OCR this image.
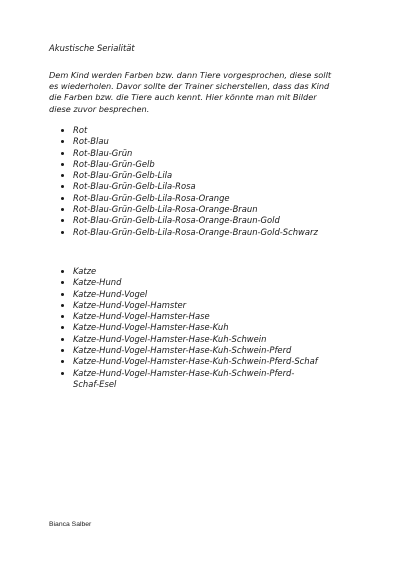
Akustische Serialität

Dem Kind werden Farben bzw. dann Tiere vorgesprochen, diese sollt
es wiederholen. Davor sollte der Trainer sicherstellen, dass das Kind
die Farben bzw. die Tiere auch kennt. Hier könnte man mit Bilder
diese zuvor besprechen.

Rot
Rot-Blau
Rot-Blau-Grün
Rot-Blau-Grün-Gelb
Rot-Blau-Grün-Gelb-Lila
Rot-Blau-Grün-Gelb-Lila-Rosa
Rot-Blau-Grün-Gelb-Lila-Rosa-Orange
Rot-Blau-Grün-Gelb-Lila-Rosa-Orange-Braun
Rot-Blau-Grün-Gelb-Lila-Rosa-Orange-Braun-Gold
Rot-Blau-Grün-Gelb-Lila-Rosa-Orange-Braun-Gold-Schwarz
Katze
Katze-Hund
Katze-Hund-Vogel
Katze-Hund-Vogel-Hamster
Katze-Hund-Vogel-Hamster-Hase
Katze-Hund-Vogel-Hamster-Hase-Kuh
Katze-Hund-Vogel-Hamster-Hase-Kuh-Schwein
Katze-Hund-Vogel-Hamster-Hase-Kuh-Schwein-Pferd
Katze-Hund-Vogel-Hamster-Hase-Kuh-Schwein-Pferd-Schaf
Katze-Hund-Vogel-Hamster-Hase-Kuh-Schwein-Pferd-
Schaf-Esel
Bianca Salber
